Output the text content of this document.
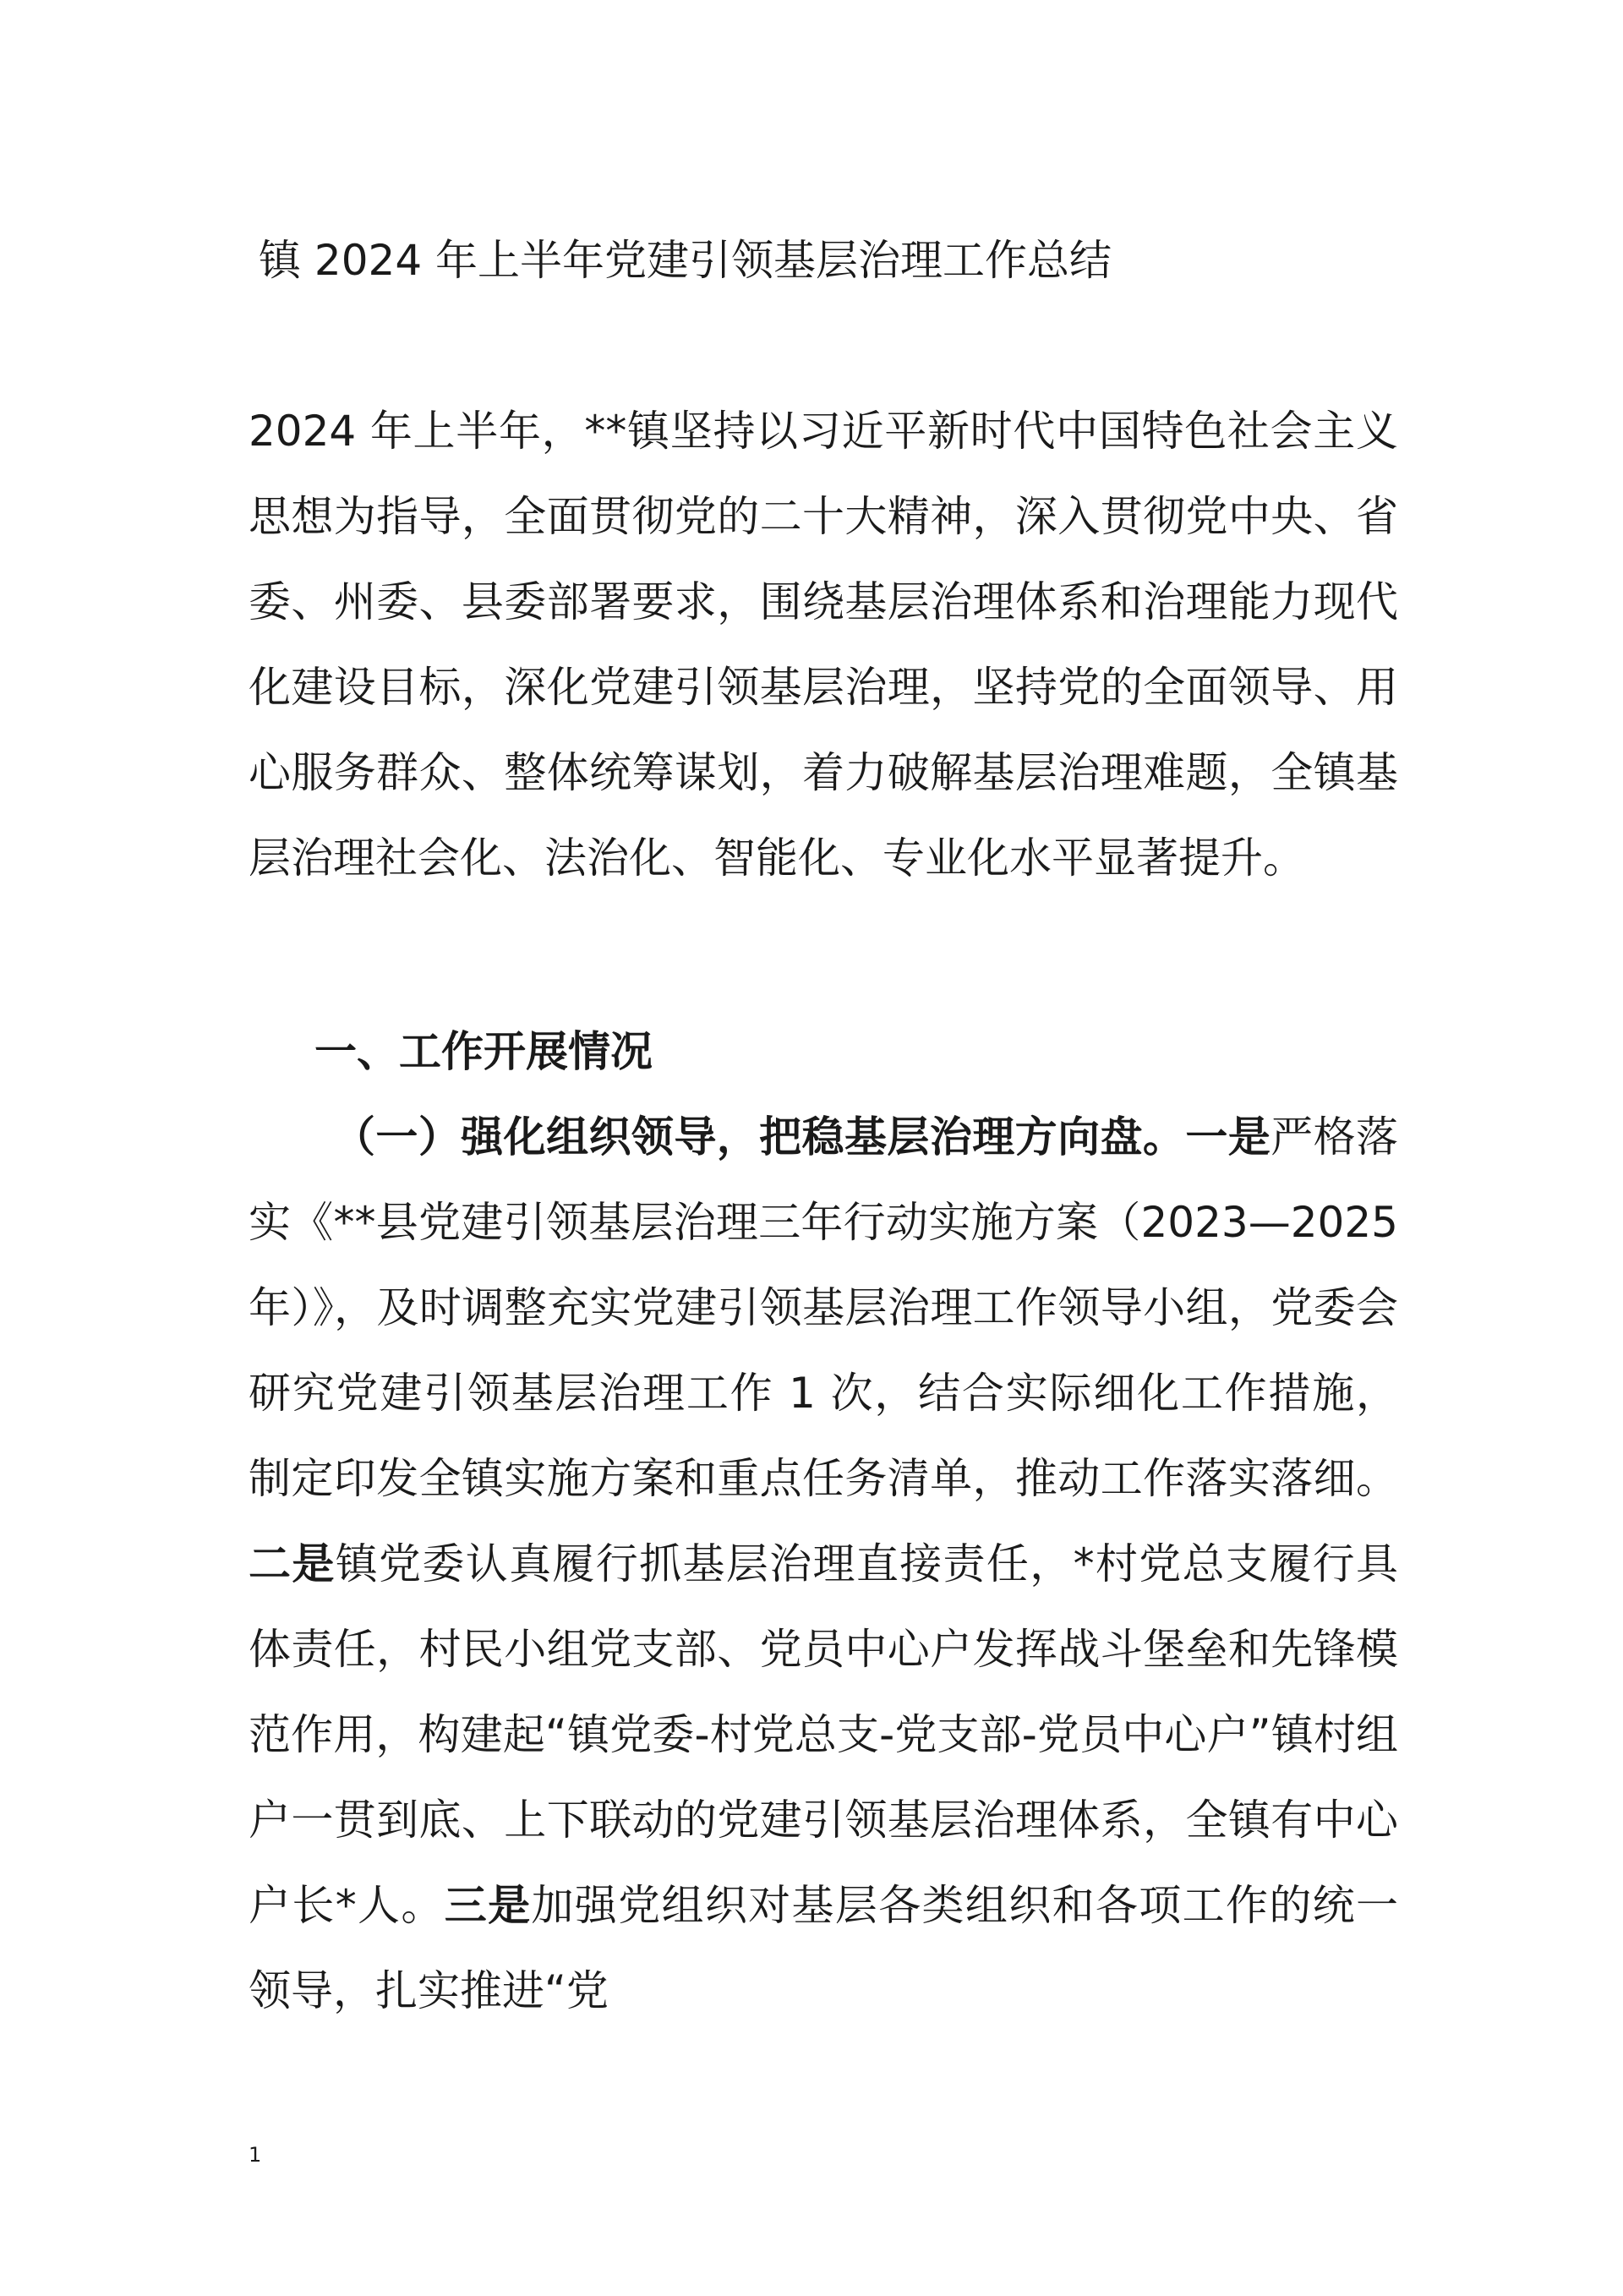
镇 2024 年上半年党建引领基层治理工作总结

2024 年上半年，**镇坚持以习近平新时代中国特色社会主义思想为指导，全面贯彻党的二十大精神，深入贯彻党中央、省委、州委、县委部署要求，围绕基层治理体系和治理能力现代化建设目标，深化党建引领基层治理，坚持党的全面领导、用心服务群众、整体统筹谋划，着力破解基层治理难题，全镇基层治理社会化、法治化、智能化、专业化水平显著提升。

一、工作开展情况

（一）强化组织领导，把稳基层治理方向盘。一是严格落实《**县党建引领基层治理三年行动实施方案（2023—2025 年）》，及时调整充实党建引领基层治理工作领导小组，党委会研究党建引领基层治理工作 1 次，结合实际细化工作措施，制定印发全镇实施方案和重点任务清单，推动工作落实落细。二是镇党委认真履行抓基层治理直接责任，*村党总支履行具体责任，村民小组党支部、党员中心户发挥战斗堡垒和先锋模范作用，构建起“镇党委-村党总支-党支部-党员中心户”镇村组户一贯到底、上下联动的党建引领基层治理体系，全镇有中心户长*人。三是加强党组织对基层各类组织和各项工作的统一领导，扎实推进“党

1
